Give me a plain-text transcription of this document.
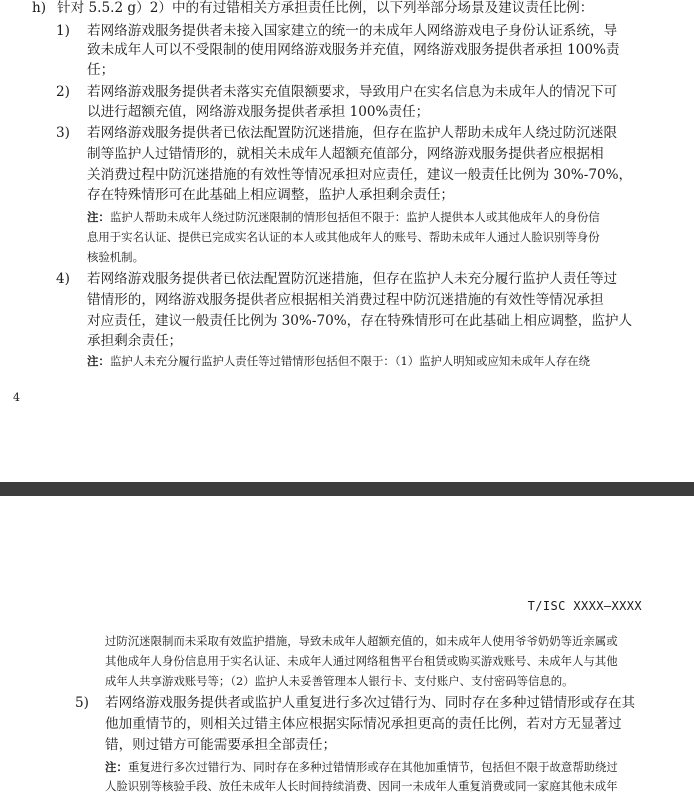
h) 针对 5.5.2 g）2）中的有过错相关方承担责任比例，以下列举部分场景及建议责任比例：
1) 若网络游戏服务提供者未接入国家建立的统一的未成年人网络游戏电子身份认证系统，导
致未成年人可以不受限制的使用网络游戏服务并充值，网络游戏服务提供者承担 100%责
任；
2) 若网络游戏服务提供者未落实充值限额要求，导致用户在实名信息为未成年人的情况下可
以进行超额充值，网络游戏服务提供者承担 100%责任；
3) 若网络游戏服务提供者已依法配置防沉迷措施，但存在监护人帮助未成年人绕过防沉迷限
制等监护人过错情形的，就相关未成年人超额充值部分，网络游戏服务提供者应根据相
关消费过程中防沉迷措施的有效性等情况承担对应责任，建议一般责任比例为 30%-70%，
存在特殊情形可在此基础上相应调整，监护人承担剩余责任；
注： 监护人帮助未成年人绕过防沉迷限制的情形包括但不限于：监护人提供本人或其他成年人的身份信
息用于实名认证、提供已完成实名认证的本人或其他成年人的账号、帮助未成年人通过人脸识别等身份
核验机制。
4) 若网络游戏服务提供者已依法配置防沉迷措施，但存在监护人未充分履行监护人责任等过
错情形的，网络游戏服务提供者应根据相关消费过程中防沉迷措施的有效性等情况承担
对应责任，建议一般责任比例为 30%-70%，存在特殊情形可在此基础上相应调整，监护人
承担剩余责任；
注： 监护人未充分履行监护人责任等过错情形包括但不限于：（1）监护人明知或应知未成年人存在绕
4
T/ISC XXXX—XXXX
过防沉迷限制而未采取有效监护措施，导致未成年人超额充值的，如未成年人使用爷爷奶奶等近亲属或
其他成年人身份信息用于实名认证、未成年人通过网络租售平台租赁或购买游戏账号、未成年人与其他
成年人共享游戏账号等；（2）监护人未妥善管理本人银行卡、支付账户、支付密码等信息的。
5) 若网络游戏服务提供者或监护人重复进行多次过错行为、同时存在多种过错情形或存在其
他加重情节的，则相关过错主体应根据实际情况承担更高的责任比例，若对方无显著过
错，则过错方可能需要承担全部责任；
注： 重复进行多次过错行为、同时存在多种过错情形或存在其他加重情节，包括但不限于故意帮助绕过
人脸识别等核验手段、放任未成年人长时间持续消费、因同一未成年人重复消费或同一家庭其他未成年
